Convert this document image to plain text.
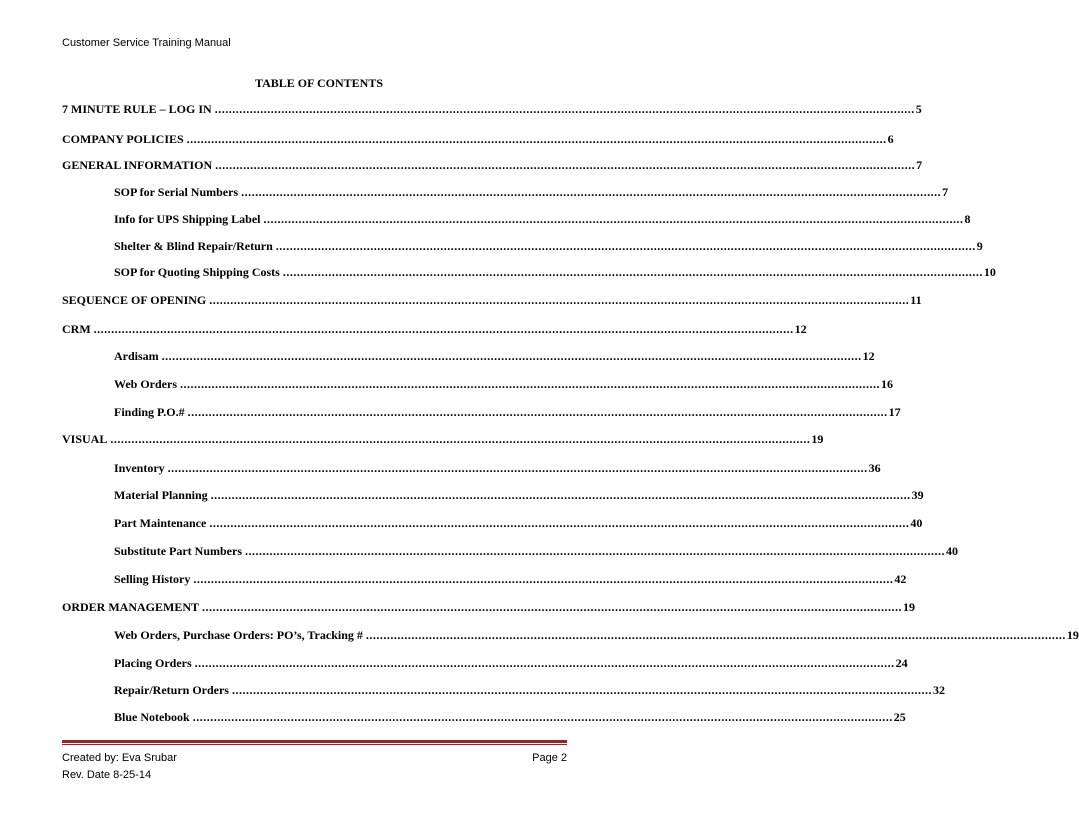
Customer Service Training Manual
TABLE OF CONTENTS
7 MINUTE RULE – LOG IN ........................................................................................................................................................................................................ 5
COMPANY POLICIES ........................................................................................................................................................................................................ 6
GENERAL INFORMATION ........................................................................................................................................................................................................ 7
SOP for Serial Numbers ........................................................................................................................................................................................................ 7
Info for UPS Shipping Label ........................................................................................................................................................................................................ 8
Shelter & Blind Repair/Return ........................................................................................................................................................................................................ 9
SOP for Quoting Shipping Costs ........................................................................................................................................................................................................ 10
SEQUENCE OF OPENING ........................................................................................................................................................................................................ 11
CRM ........................................................................................................................................................................................................ 12
Ardisam ........................................................................................................................................................................................................ 12
Web Orders ........................................................................................................................................................................................................ 16
Finding P.O.# ........................................................................................................................................................................................................ 17
VISUAL ........................................................................................................................................................................................................ 19
Inventory ........................................................................................................................................................................................................ 36
Material Planning ........................................................................................................................................................................................................ 39
Part Maintenance ........................................................................................................................................................................................................ 40
Substitute Part Numbers ........................................................................................................................................................................................................ 40
Selling History ........................................................................................................................................................................................................ 42
ORDER MANAGEMENT ........................................................................................................................................................................................................ 19
Web Orders, Purchase Orders: PO’s, Tracking # ........................................................................................................................................................................................................ 19
Placing Orders ........................................................................................................................................................................................................ 24
Repair/Return Orders ........................................................................................................................................................................................................ 32
Blue Notebook ........................................................................................................................................................................................................ 25
Created by: Eva Srubar
Rev. Date 8-25-14
Page 2
